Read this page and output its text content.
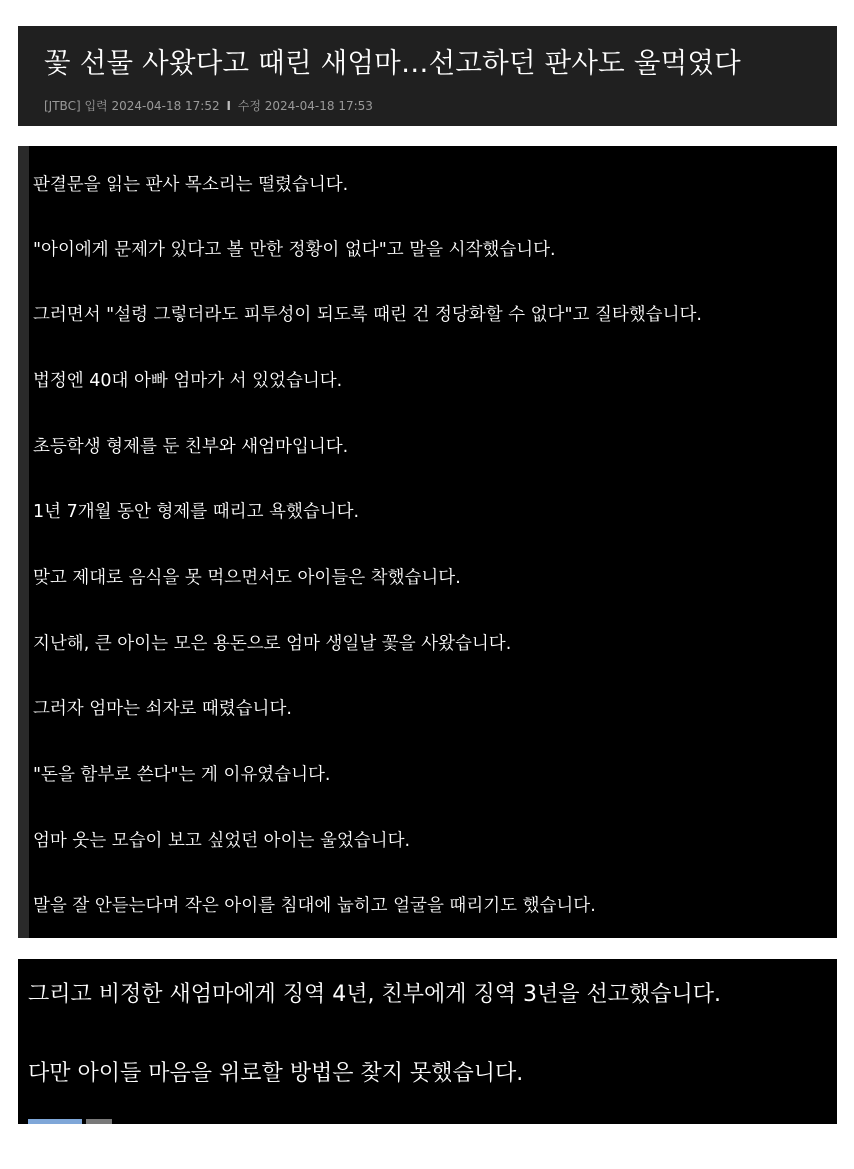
꽃 선물 사왔다고 때린 새엄마…선고하던 판사도 울먹였다
[JTBC] 입력 2024-04-18 17:52 I 수정 2024-04-18 17:53
판결문을 읽는 판사 목소리는 떨렸습니다.
"아이에게 문제가 있다고 볼 만한 정황이 없다"고 말을 시작했습니다.
그러면서 "설령 그렇더라도 피투성이 되도록 때린 건 정당화할 수 없다"고 질타했습니다.
법정엔 40대 아빠 엄마가 서 있었습니다.
초등학생 형제를 둔 친부와 새엄마입니다.
1년 7개월 동안 형제를 때리고 욕했습니다.
맞고 제대로 음식을 못 먹으면서도 아이들은 착했습니다.
지난해, 큰 아이는 모은 용돈으로 엄마 생일날 꽃을 사왔습니다.
그러자 엄마는 쇠자로 때렸습니다.
"돈을 함부로 쓴다"는 게 이유였습니다.
엄마 웃는 모습이 보고 싶었던 아이는 울었습니다.
말을 잘 안듣는다며 작은 아이를 침대에 눕히고 얼굴을 때리기도 했습니다.
그리고 비정한 새엄마에게 징역 4년, 친부에게 징역 3년을 선고했습니다.
다만 아이들 마음을 위로할 방법은 찾지 못했습니다.
